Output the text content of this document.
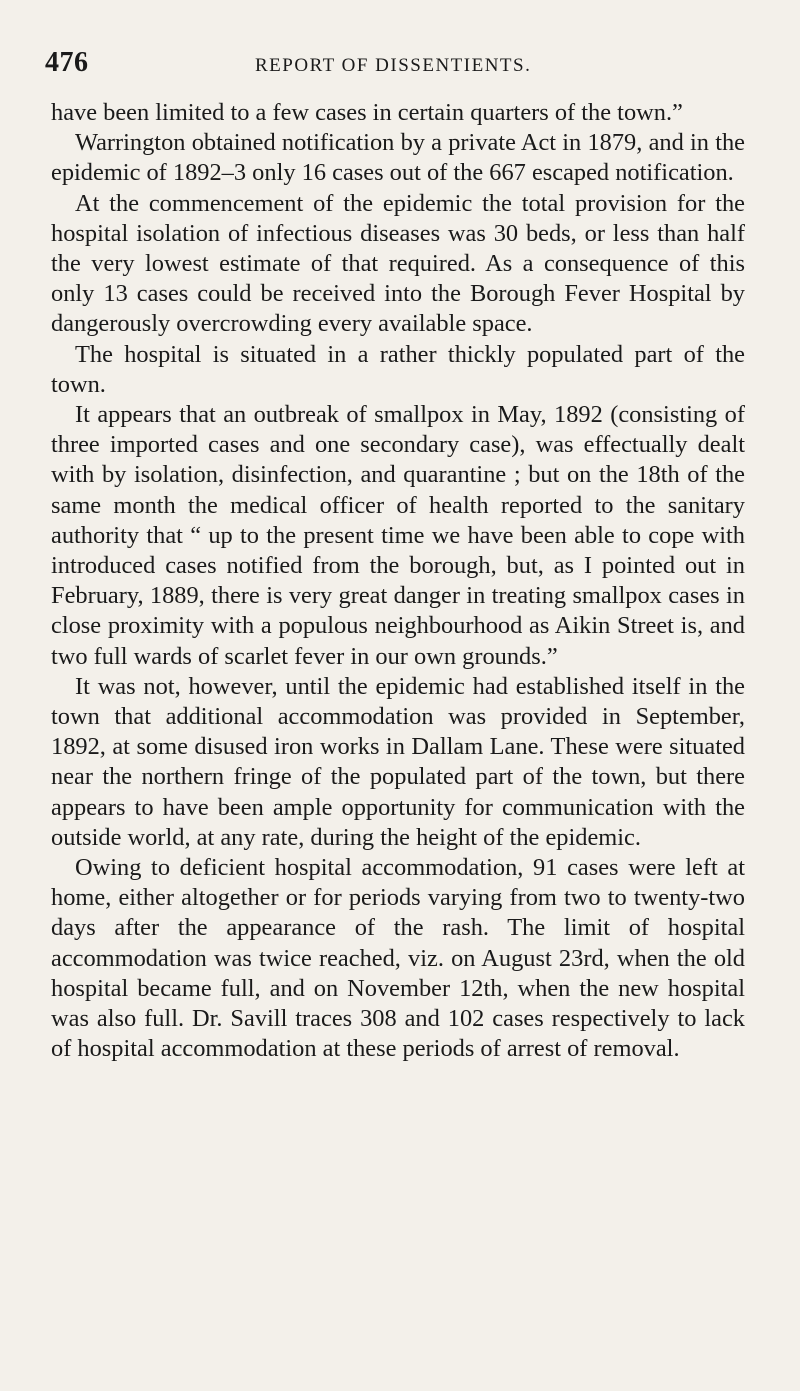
476	REPORT OF DISSENTIENTS.

have been limited to a few cases in certain quarters of the town.”

Warrington obtained notification by a private Act in 1879, and in the epidemic of 1892–3 only 16 cases out of the 667 escaped notification.

At the commencement of the epidemic the total provision for the hospital isolation of infectious diseases was 30 beds, or less than half the very lowest estimate of that required. As a consequence of this only 13 cases could be received into the Borough Fever Hospital by dangerously overcrowding every available space.

The hospital is situated in a rather thickly populated part of the town.

It appears that an outbreak of smallpox in May, 1892 (consisting of three imported cases and one secondary case), was effectually dealt with by isolation, disinfection, and quarantine ; but on the 18th of the same month the medical officer of health reported to the sanitary authority that “ up to the present time we have been able to cope with introduced cases notified from the borough, but, as I pointed out in February, 1889, there is very great danger in treating smallpox cases in close proximity with a populous neighbourhood as Aikin Street is, and two full wards of scarlet fever in our own grounds.”

It was not, however, until the epidemic had established itself in the town that additional accommodation was provided in September, 1892, at some disused iron works in Dallam Lane. These were situated near the northern fringe of the populated part of the town, but there appears to have been ample opportunity for communication with the outside world, at any rate, during the height of the epidemic.

Owing to deficient hospital accommodation, 91 cases were left at home, either altogether or for periods varying from two to twenty-two days after the appearance of the rash. The limit of hospital accommodation was twice reached, viz. on August 23rd, when the old hospital became full, and on November 12th, when the new hospital was also full. Dr. Savill traces 308 and 102 cases respectively to lack of hospital accommodation at these periods of arrest of removal.
